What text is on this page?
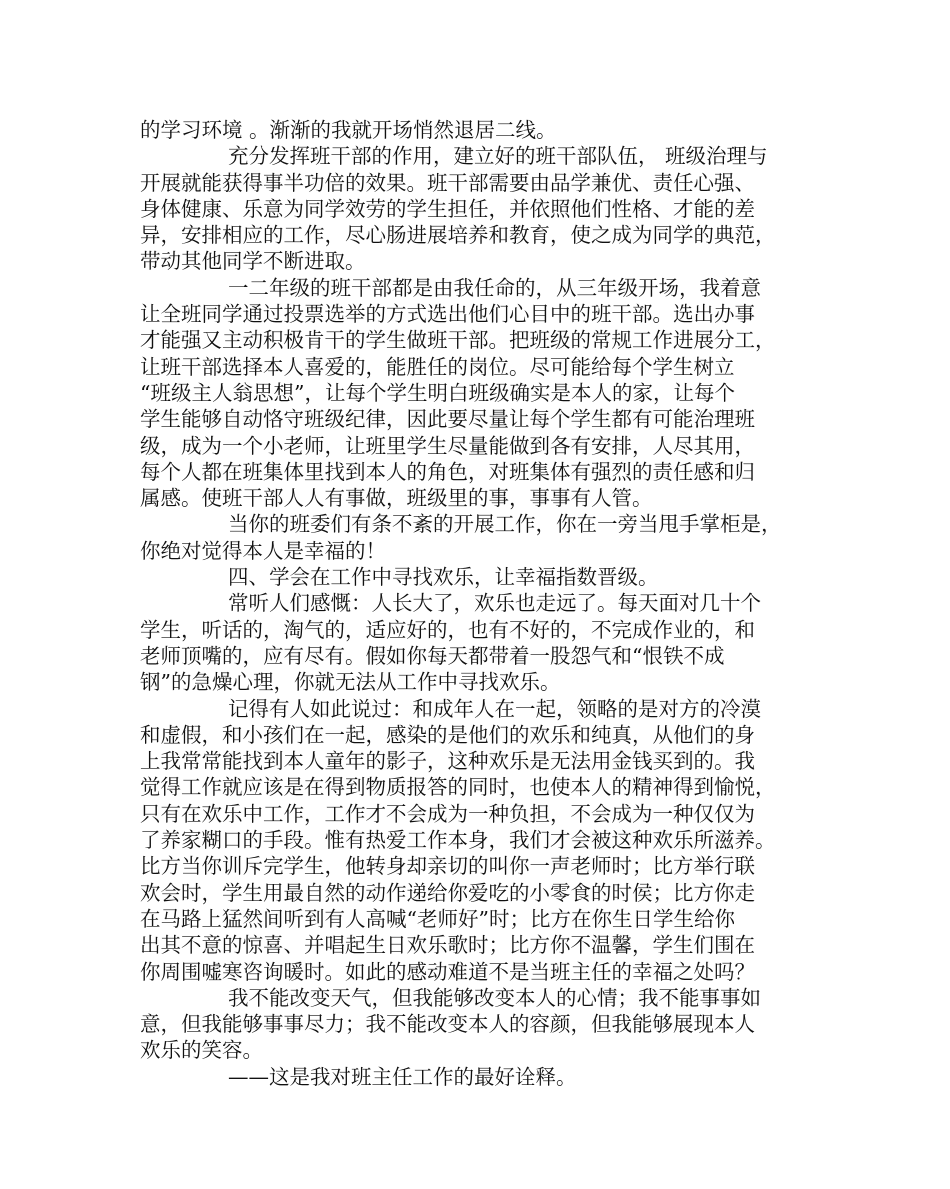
的学习环境 。渐渐的我就开场悄然退居二线。
充分发挥班干部的作用，建立好的班干部队伍， 班级治理与
开展就能获得事半功倍的效果。班干部需要由品学兼优、责任心强、
身体健康、乐意为同学效劳的学生担任，并依照他们性格、才能的差
异，安排相应的工作，尽心肠进展培养和教育，使之成为同学的典范，
带动其他同学不断进取。
一二年级的班干部都是由我任命的，从三年级开场，我着意
让全班同学通过投票选举的方式选出他们心目中的班干部。选出办事
才能强又主动积极肯干的学生做班干部。把班级的常规工作进展分工，
让班干部选择本人喜爱的，能胜任的岗位。尽可能给每个学生树立
“班级主人翁思想”，让每个学生明白班级确实是本人的家，让每个
学生能够自动恪守班级纪律，因此要尽量让每个学生都有可能治理班
级，成为一个小老师，让班里学生尽量能做到各有安排，人尽其用，
每个人都在班集体里找到本人的角色，对班集体有强烈的责任感和归
属感。使班干部人人有事做，班级里的事，事事有人管。
当你的班委们有条不紊的开展工作，你在一旁当甩手掌柜是，
你绝对觉得本人是幸福的！
四、学会在工作中寻找欢乐，让幸福指数晋级。
常听人们感慨：人长大了，欢乐也走远了。每天面对几十个
学生，听话的，淘气的，适应好的，也有不好的，不完成作业的，和
老师顶嘴的，应有尽有。假如你每天都带着一股怨气和“恨铁不成
钢”的急燥心理，你就无法从工作中寻找欢乐。
记得有人如此说过：和成年人在一起，领略的是对方的冷漠
和虚假，和小孩们在一起，感染的是他们的欢乐和纯真，从他们的身
上我常常能找到本人童年的影子，这种欢乐是无法用金钱买到的。我
觉得工作就应该是在得到物质报答的同时，也使本人的精神得到愉悦，
只有在欢乐中工作，工作才不会成为一种负担，不会成为一种仅仅为
了养家糊口的手段。惟有热爱工作本身，我们才会被这种欢乐所滋养。
比方当你训斥完学生，他转身却亲切的叫你一声老师时；比方举行联
欢会时，学生用最自然的动作递给你爱吃的小零食的时侯；比方你走
在马路上猛然间听到有人高喊“老师好”时；比方在你生日学生给你
出其不意的惊喜、并唱起生日欢乐歌时；比方你不温馨，学生们围在
你周围嘘寒咨询暖时。如此的感动难道不是当班主任的幸福之处吗？
我不能改变天气，但我能够改变本人的心情；我不能事事如
意，但我能够事事尽力；我不能改变本人的容颜，但我能够展现本人
欢乐的笑容。
——这是我对班主任工作的最好诠释。
